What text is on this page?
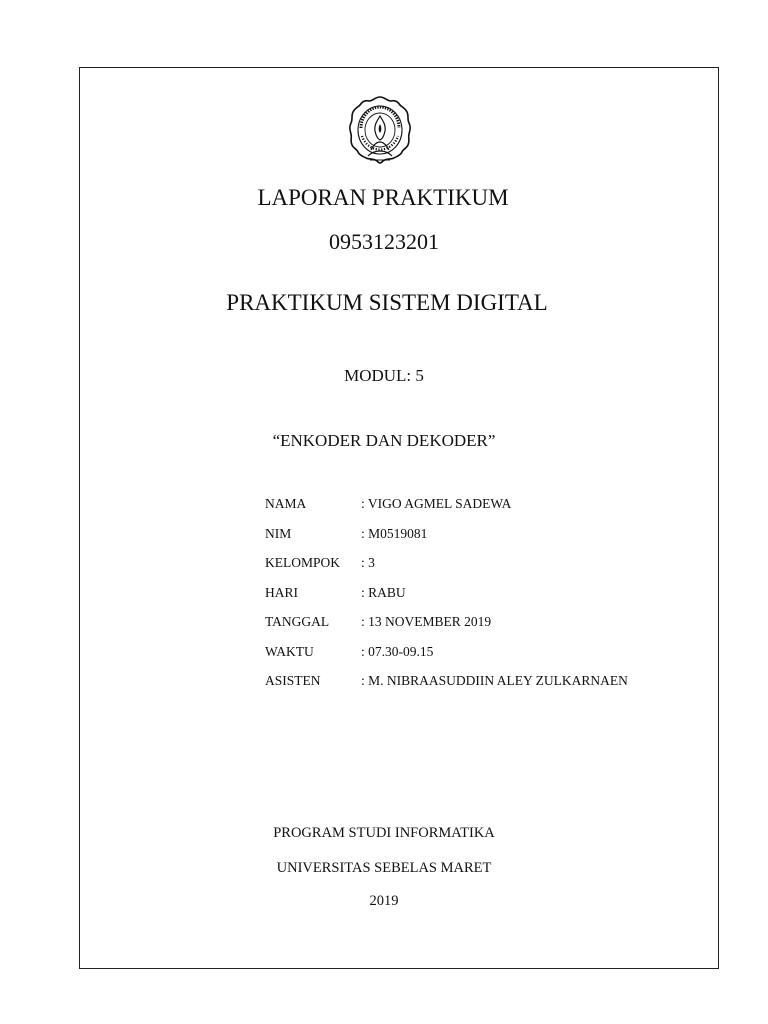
LAPORAN PRAKTIKUM
0953123201
PRAKTIKUM SISTEM DIGITAL
MODUL: 5
“ENKODER DAN DEKODER”
NAMA	: VIGO AGMEL SADEWA
NIM	: M0519081
KELOMPOK : 3
HARI	: RABU
TANGGAL : 13 NOVEMBER 2019
WAKTU	: 07.30-09.15
ASISTEN	: M. NIBRAASUDDIIN ALEY ZULKARNAEN
PROGRAM STUDI INFORMATIKA
UNIVERSITAS SEBELAS MARET
2019
